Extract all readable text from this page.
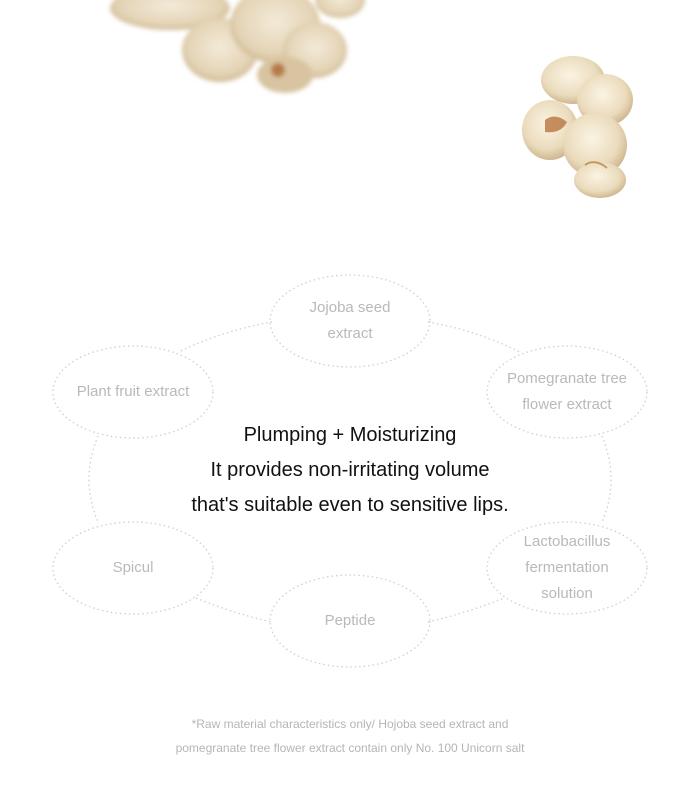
Jojoba seed
extract
Pomegranate tree
flower extract
Plant fruit extract
Lactobacillus
fermentation
solution
Spicul
Peptide
Plumping + Moisturizing
It provides non-irritating volume
that's suitable even to sensitive lips.
*Raw material characteristics only/ Hojoba seed extract and
pomegranate tree flower extract contain only No. 100 Unicorn salt
